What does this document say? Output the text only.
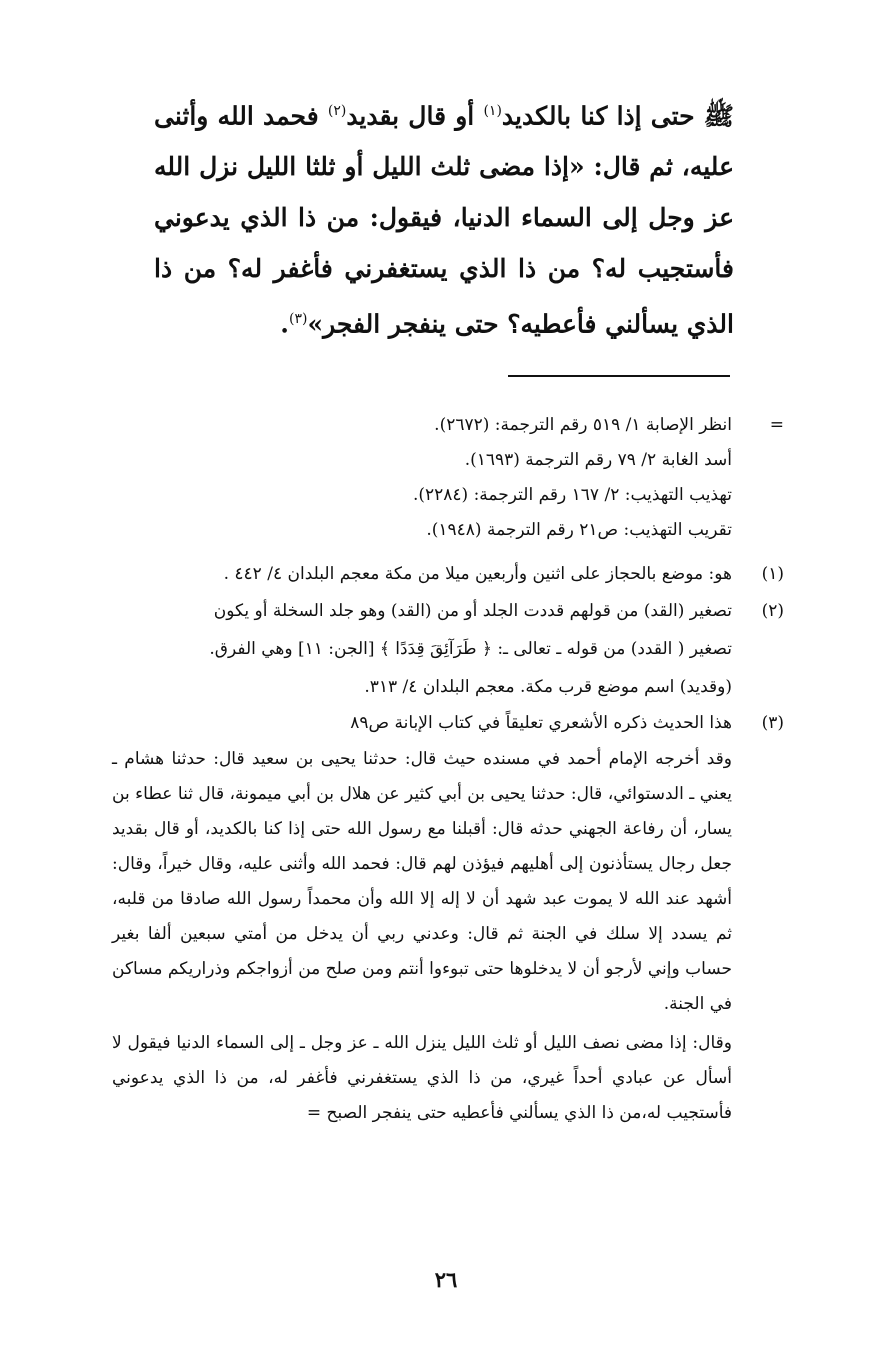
ﷺ حتى إذا كنا بالكديد$^{(١)}$ أو قال بقديد$^{(٢)}$ فحمد الله وأثنى عليه، ثم قال: «إذا مضى ثلث الليل أو ثلثا الليل نزل الله عز وجل إلى السماء الدنيا، فيقول: من ذا الذي يدعوني فأستجيب له؟ من ذا الذي يستغفرني فأغفر له؟ من ذا الذي يسألني فأعطيه؟ حتى ينفجر الفجر»$^{(٣)}$.
=
انظر الإصابة ١/ ٥١٩ رقم الترجمة: (٢٦٧٢).
أسد الغابة ٢/ ٧٩ رقم الترجمة (١٦٩٣).
تهذيب التهذيب: ٢/ ١٦٧ رقم الترجمة: (٢٢٨٤).
تقريب التهذيب: ص٢١ رقم الترجمة (١٩٤٨).
(١)
هو: موضع بالحجاز على اثنين وأربعين ميلا من مكة معجم البلدان ٤/ ٤٤٢ .
(٢)
تصغير (القد) من قولهم قددت الجلد أو من (القد) وهو جلد السخلة أو يكون
تصغير ( القدد) من قوله ـ تعالى ـ: ﴿ طَرَآئِقَ قِدَدًا ﴾ [الجن: ١١] وهي الفرق.
(وقديد) اسم موضع قرب مكة. معجم البلدان ٤/ ٣١٣.
(٣)
هذا الحديث ذكره الأشعري تعليقاً في كتاب الإبانة ص٨٩

وقد أخرجه الإمام أحمد في مسنده حيث قال: حدثنا يحيى بن سعيد قال: حدثنا هشام ـ يعني ـ الدستوائي، قال: حدثنا يحيى بن أبي كثير عن هلال بن أبي ميمونة، قال ثنا عطاء بن يسار، أن رفاعة الجهني حدثه قال: أقبلنا مع رسول الله حتى إذا كنا بالكديد، أو قال بقديد جعل رجال يستأذنون إلى أهليهم فيؤذن لهم قال: فحمد الله وأثنى عليه، وقال خيراً، وقال: أشهد عند الله لا يموت عبد شهد أن لا إله إلا الله وأن محمداً رسول الله صادقا من قلبه، ثم يسدد إلا سلك في الجنة ثم قال: وعدني ربي أن يدخل من أمتي سبعين ألفا بغير حساب وإني لأرجو أن لا يدخلوها حتى تبوءوا أنتم ومن صلح من أزواجكم وذراريكم مساكن في الجنة.

وقال: إذا مضى نصف الليل أو ثلث الليل ينزل الله ـ عز وجل ـ إلى السماء الدنيا فيقول لا أسأل عن عبادي أحداً غيري، من ذا الذي يستغفرني فأغفر له، من ذا الذي يدعوني فأستجيب له،من ذا الذي يسألني فأعطيه حتى ينفجر الصبح =

٢٦
